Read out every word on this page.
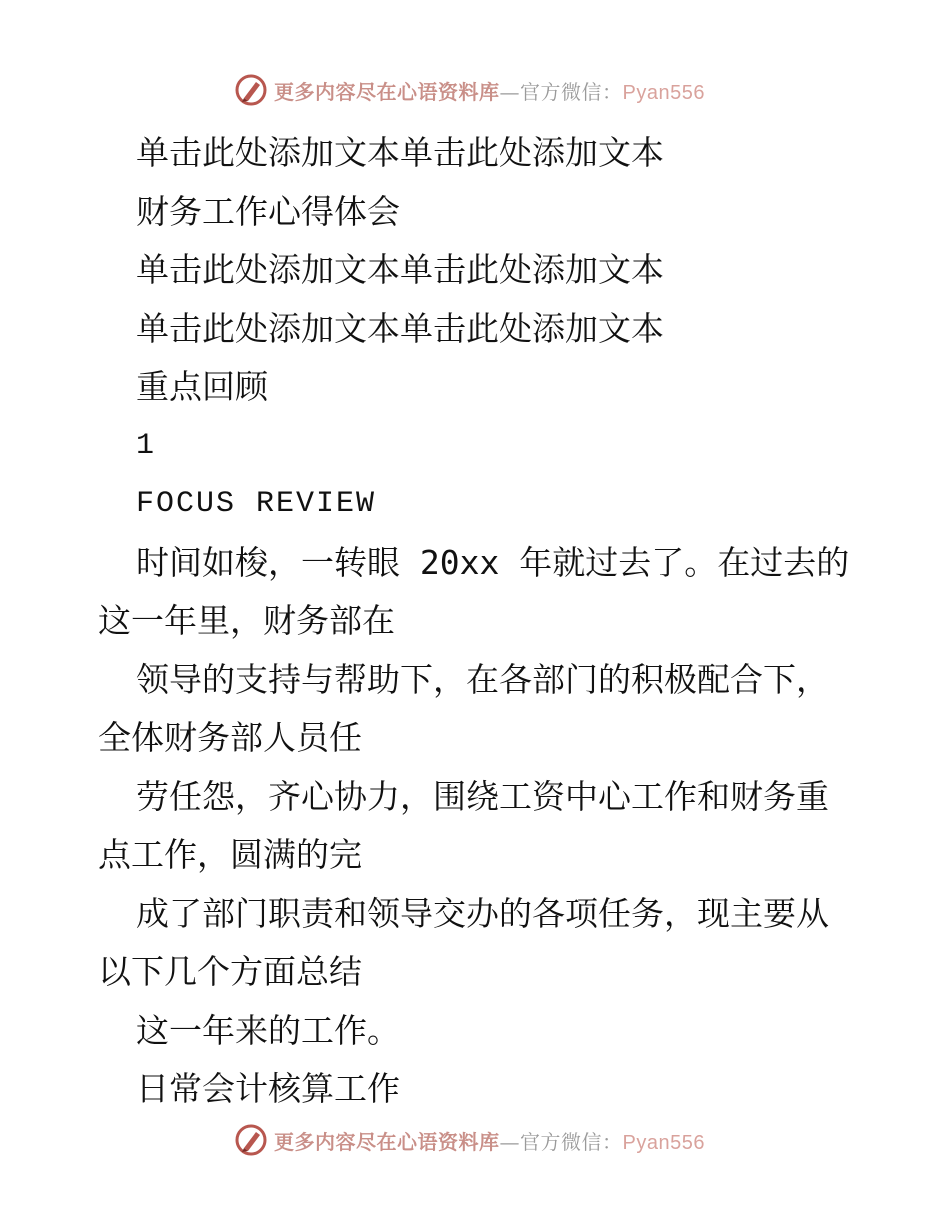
更多内容尽在心语资料库—官方微信：Pyan556
单击此处添加文本单击此处添加文本
财务工作心得体会
单击此处添加文本单击此处添加文本
单击此处添加文本单击此处添加文本
重点回顾
1
FOCUS REVIEW
时间如梭，一转眼 20xx 年就过去了。在过去的
这一年里，财务部在
领导的支持与帮助下，在各部门的积极配合下，
全体财务部人员任
劳任怨，齐心协力，围绕工资中心工作和财务重
点工作，圆满的完
成了部门职责和领导交办的各项任务，现主要从
以下几个方面总结
这一年来的工作。
日常会计核算工作
更多内容尽在心语资料库—官方微信：Pyan556
